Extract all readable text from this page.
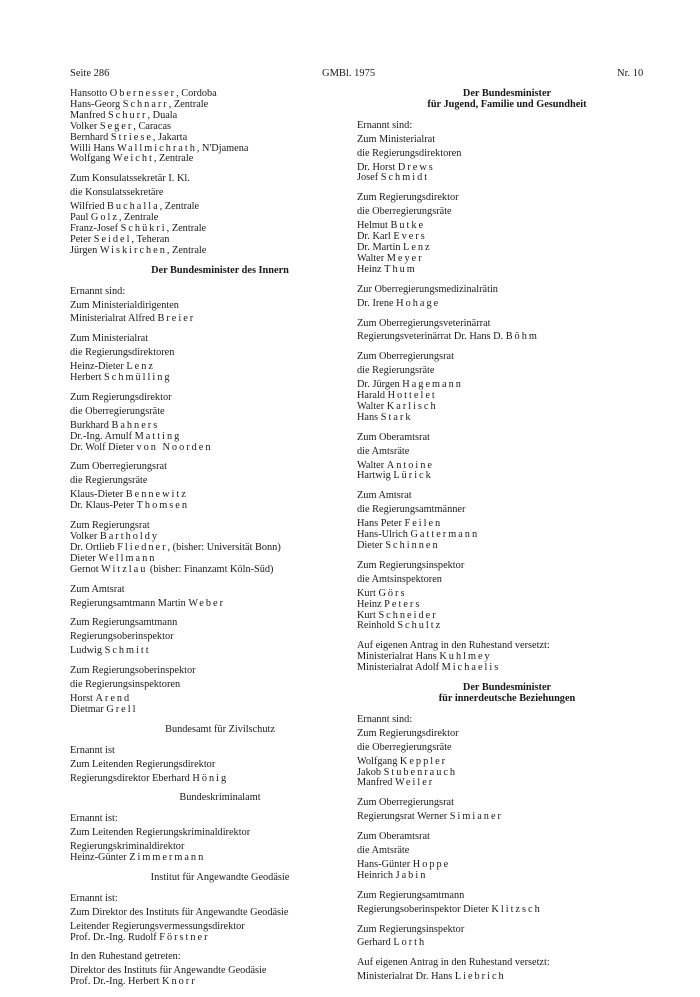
Seite 286	GMBl. 1975	Nr. 10
Hansotto Obernesser, Cordoba
Hans-Georg Schnarr, Zentrale
Manfred Schurr, Duala
Volker Seger, Caracas
Bernhard Striese, Jakarta
Willi Hans Wallmichrath, N'Djamena
Wolfgang Weicht, Zentrale
Zum Konsulatssekretär I. Kl.
die Konsulatssekretäre
Wilfried Buchalla, Zentrale
Paul Golz, Zentrale
Franz-Josef Schükri, Zentrale
Peter Seidel, Teheran
Jürgen Wiskirchen, Zentrale
Der Bundesminister des Innern
Ernannt sind:
Zum Ministerialdirigenten
Ministerialrat Alfred Breier
Zum Ministerialrat
die Regierungsdirektoren
Heinz-Dieter Lenz
Herbert Schmülling
Zum Regierungsdirektor
die Oberregierungsräte
Burkhard Bahners
Dr.-Ing. Arnulf Matting
Dr. Wolf Dieter von Noorden
Zum Oberregierungsrat
die Regierungsräte
Klaus-Dieter Bennewitz
Dr. Klaus-Peter Thomsen
Zum Regierungsrat
Volker Bartholdy
Dr. Ortlieb Fliedner, (bisher: Universität Bonn)
Dieter Wellmann
Gernot Witzlau (bisher: Finanzamt Köln-Süd)
Zum Amtsrat
Regierungsamtmann Martin Weber
Zum Regierungsamtmann
Regierungsoberinspektor
Ludwig Schmitt
Zum Regierungsoberinspektor
die Regierungsinspektoren
Horst Arend
Dietmar Grell
Bundesamt für Zivilschutz
Ernannt ist
Zum Leitenden Regierungsdirektor
Regierungsdirektor Eberhard Hönig
Bundeskriminalamt
Ernannt ist:
Zum Leitenden Regierungskriminaldirektor
Regierungskriminaldirektor
Heinz-Günter Zimmermann
Institut für Angewandte Geodäsie
Ernannt ist:
Zum Direktor des Instituts für Angewandte Geodäsie
Leitender Regierungsvermessungsdirektor
Prof. Dr.-Ing. Rudolf Förstner
In den Ruhestand getreten:
Direktor des Instituts für Angewandte Geodäsie
Prof. Dr.-Ing. Herbert Knorr
Der Bundesminister
für Jugend, Familie und Gesundheit
Ernannt sind:
Zum Ministerialrat
die Regierungsdirektoren
Dr. Horst Drews
Josef Schmidt
Zum Regierungsdirektor
die Oberregierungsräte
Helmut Butke
Dr. Karl Evers
Dr. Martin Lenz
Walter Meyer
Heinz Thum
Zur Oberregierungsmedizinalrätin
Dr. Irene Hohage
Zum Oberregierungsveterinärrat
Regierungsveterinärrat Dr. Hans D. Böhm
Zum Oberregierungsrat
die Regierungsräte
Dr. Jürgen Hagemann
Harald Hottelet
Walter Karlisch
Hans Stark
Zum Oberamtsrat
die Amtsräte
Walter Antoine
Hartwig Lürick
Zum Amtsrat
die Regierungsamtmänner
Hans Peter Feilen
Hans-Ulrich Gattermann
Dieter Schinnen
Zum Regierungsinspektor
die Amtsinspektoren
Kurt Görs
Heinz Peters
Kurt Schneider
Reinhold Schultz
Auf eigenen Antrag in den Ruhestand versetzt:
Ministerialrat Hans Kuhlmey
Ministerialrat Adolf Michaelis
Der Bundesminister
für innerdeutsche Beziehungen
Ernannt sind:
Zum Regierungsdirektor
die Oberregierungsräte
Wolfgang Keppler
Jakob Stubenrauch
Manfred Weiler
Zum Oberregierungsrat
Regierungsrat Werner Simianer
Zum Oberamtsrat
die Amtsräte
Hans-Günter Hoppe
Heinrich Jabin
Zum Regierungsamtmann
Regierungsoberinspektor Dieter Klitzsch
Zum Regierungsinspektor
Gerhard Lorth
Auf eigenen Antrag in den Ruhestand versetzt:
Ministerialrat Dr. Hans Liebrich
